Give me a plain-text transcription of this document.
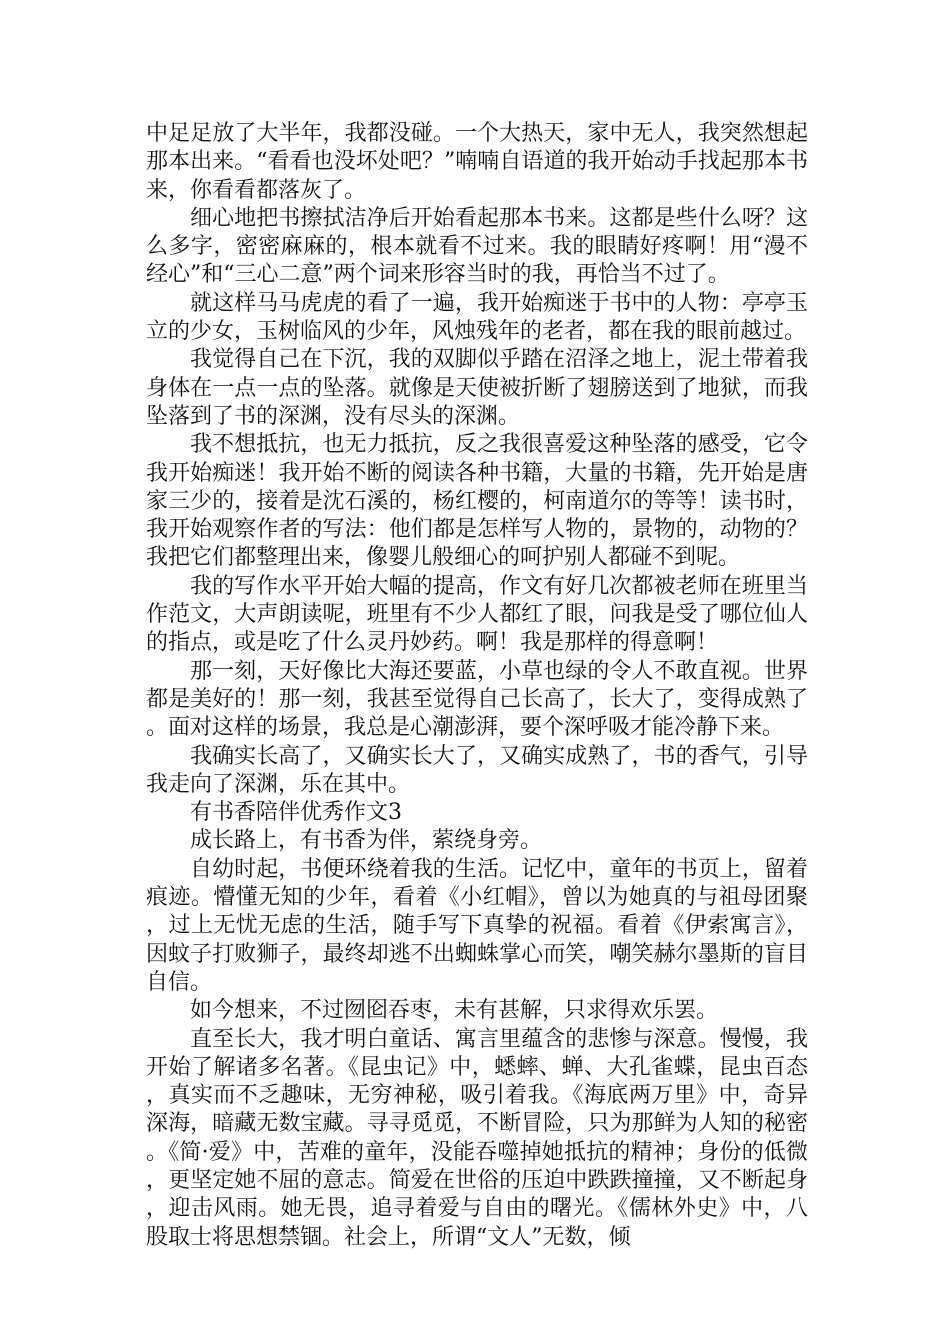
中足足放了大半年，我都没碰。一个大热天，家中无人，我突然想起那本出来。“看看也没坏处吧？”喃喃自语道的我开始动手找起那本书来，你看看都落灰了。

细心地把书擦拭洁净后开始看起那本书来。这都是些什么呀？这么多字，密密麻麻的，根本就看不过来。我的眼睛好疼啊！用“漫不经心”和“三心二意”两个词来形容当时的我，再恰当不过了。

就这样马马虎虎的看了一遍，我开始痴迷于书中的人物：亭亭玉立的少女，玉树临风的少年，风烛残年的老者，都在我的眼前越过。

我觉得自己在下沉，我的双脚似乎踏在沼泽之地上，泥土带着我身体在一点一点的坠落。就像是天使被折断了翅膀送到了地狱，而我坠落到了书的深渊，没有尽头的深渊。

我不想抵抗，也无力抵抗，反之我很喜爱这种坠落的感受，它令我开始痴迷！我开始不断的阅读各种书籍，大量的书籍，先开始是唐家三少的，接着是沈石溪的，杨红樱的，柯南道尔的等等！读书时，我开始观察作者的写法：他们都是怎样写人物的，景物的，动物的？我把它们都整理出来，像婴儿般细心的呵护别人都碰不到呢。

我的写作水平开始大幅的提高，作文有好几次都被老师在班里当作范文，大声朗读呢，班里有不少人都红了眼，问我是受了哪位仙人的指点，或是吃了什么灵丹妙药。啊！我是那样的得意啊！

那一刻，天好像比大海还要蓝，小草也绿的令人不敢直视。世界都是美好的！那一刻，我甚至觉得自己长高了，长大了，变得成熟了。面对这样的场景，我总是心潮澎湃，要个深呼吸才能冷静下来。

我确实长高了，又确实长大了，又确实成熟了，书的香气，引导我走向了深渊，乐在其中。

有书香陪伴优秀作文3

成长路上，有书香为伴，萦绕身旁。

自幼时起，书便环绕着我的生活。记忆中，童年的书页上，留着痕迹。懵懂无知的少年，看着《小红帽》，曾以为她真的与祖母团聚，过上无忧无虑的生活，随手写下真挚的祝福。看着《伊索寓言》，因蚊子打败狮子，最终却逃不出蜘蛛掌心而笑，嘲笑赫尔墨斯的盲目自信。

如今想来，不过囫囵吞枣，未有甚解，只求得欢乐罢。

直至长大，我才明白童话、寓言里蕴含的悲惨与深意。慢慢，我开始了解诸多名著。《昆虫记》中，蟋蟀、蝉、大孔雀蝶，昆虫百态，真实而不乏趣味，无穷神秘，吸引着我。《海底两万里》中，奇异深海，暗藏无数宝藏。寻寻觅觅，不断冒险，只为那鲜为人知的秘密。《简·爱》中，苦难的童年，没能吞噬掉她抵抗的精神；身份的低微，更坚定她不屈的意志。简爱在世俗的压迫中跌跌撞撞，又不断起身，迎击风雨。她无畏，追寻着爱与自由的曙光。《儒林外史》中，八股取士将思想禁锢。社会上，所谓“文人”无数，倾
